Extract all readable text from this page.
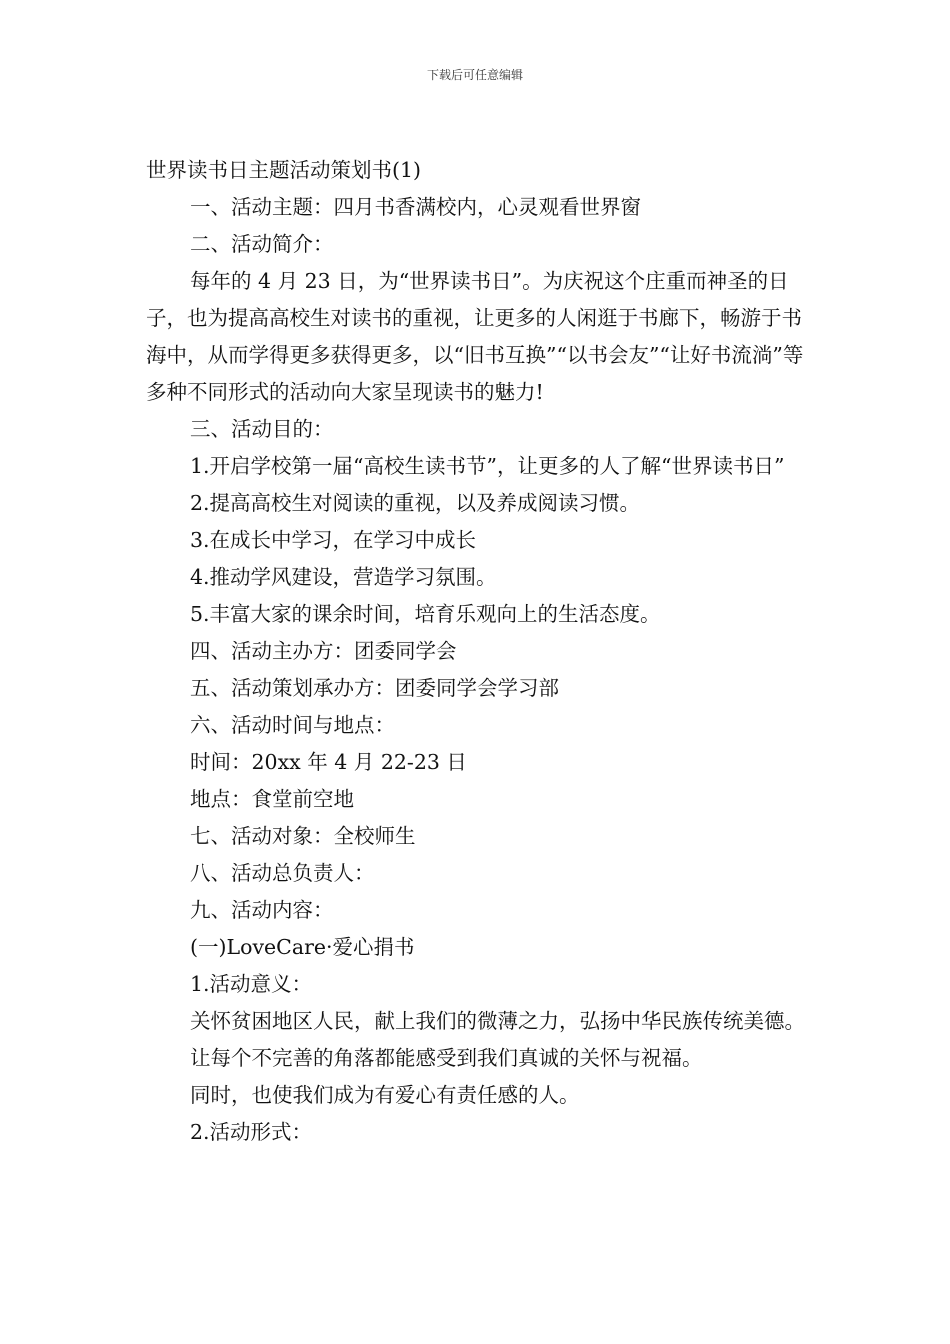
下载后可任意编辑

世界读书日主题活动策划书(1)

一、活动主题：四月书香满校内，心灵观看世界窗

二、活动简介：

每年的 4 月 23 日，为“世界读书日”。为庆祝这个庄重而神圣的日子，也为提高高校生对读书的重视，让更多的人闲逛于书廊下，畅游于书海中，从而学得更多获得更多，以“旧书互换”“以书会友”“让好书流淌”等多种不同形式的活动向大家呈现读书的魅力!

三、活动目的：

1.开启学校第一届“高校生读书节”，让更多的人了解“世界读书日”

2.提高高校生对阅读的重视，以及养成阅读习惯。

3.在成长中学习，在学习中成长

4.推动学风建设，营造学习氛围。

5.丰富大家的课余时间，培育乐观向上的生活态度。

四、活动主办方：团委同学会

五、活动策划承办方：团委同学会学习部

六、活动时间与地点：

时间：20xx 年 4 月 22-23 日

地点：食堂前空地

七、活动对象：全校师生

八、活动总负责人：

九、活动内容：

(一)LoveCare·爱心捐书

1.活动意义：

关怀贫困地区人民，献上我们的微薄之力，弘扬中华民族传统美德。

让每个不完善的角落都能感受到我们真诚的关怀与祝福。

同时，也使我们成为有爱心有责任感的人。

2.活动形式：
